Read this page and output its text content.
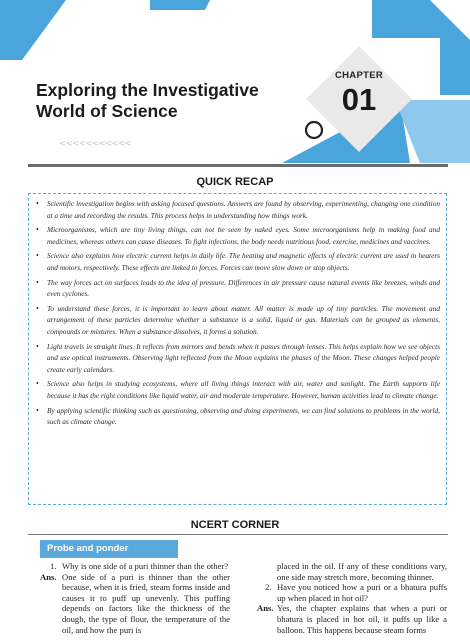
Exploring the Investigative
World of Science
CHAPTER
01
<<<<<<<<<<<
QUICK RECAP
• Scientific investigation begins with asking focused questions. Answers are found by observing, experimenting, changing one condition at a time and recording the results. This process helps in understanding how things work.
• Microorganisms, which are tiny living things, can not be seen by naked eyes. Some microorganisms help in making food and medicines, whereas others can cause diseases. To fight infections, the body needs nutritious food, exercise, medicines and vaccines.
• Science also explains how electric current helps in daily life. The heating and magnetic effects of electric current are used in heaters and motors, respectively. These effects are linked to forces. Forces can move slow down or stop objects.
• The way forces act on surfaces leads to the idea of pressure. Differences in air pressure cause natural events like breezes, winds and even cyclones.
• To understand these forces, it is important to learn about matter. All matter is made up of tiny particles. The movement and arrangement of these particles determine whether a substance is a solid, liquid or gas. Materials can be grouped as elements, compounds or mixtures. When a substance dissolves, it forms a solution.
• Light travels in straight lines. It reflects from mirrors and bends when it passes through lenses. This helps explain how we see objects and use optical instruments. Observing light reflected from the Moon explains the phases of the Moon. These changes helped people create early calendars.
• Science also helps in studying ecosystems, where all living things interact with air, water and sunlight. The Earth supports life because it has the right conditions like liquid water, air and moderate temperature. However, human activities lead to climate change.
• By applying scientific thinking such as questioning, observing and doing experiments, we can find solutions to problems in the world, such as climate change.
NCERT CORNER
Probe and ponder
1. Why is one side of a puri thinner than the other?
Ans. One side of a puri is thinner than the other because, when it is fried, steam forms inside and causes it to puff up unevenly. This puffing depends on factors like the thickness of the dough, the type of flour, the temperature of the oil, and how the puri is
placed in the oil. If any of these conditions vary, one side may stretch more, becoming thinner.
2. Have you noticed how a puri or a bhatura puffs up when placed in hot oil?
Ans. Yes, the chapter explains that when a puri or bhatura is placed in hot oil, it puffs up like a balloon. This happens because steam forms
